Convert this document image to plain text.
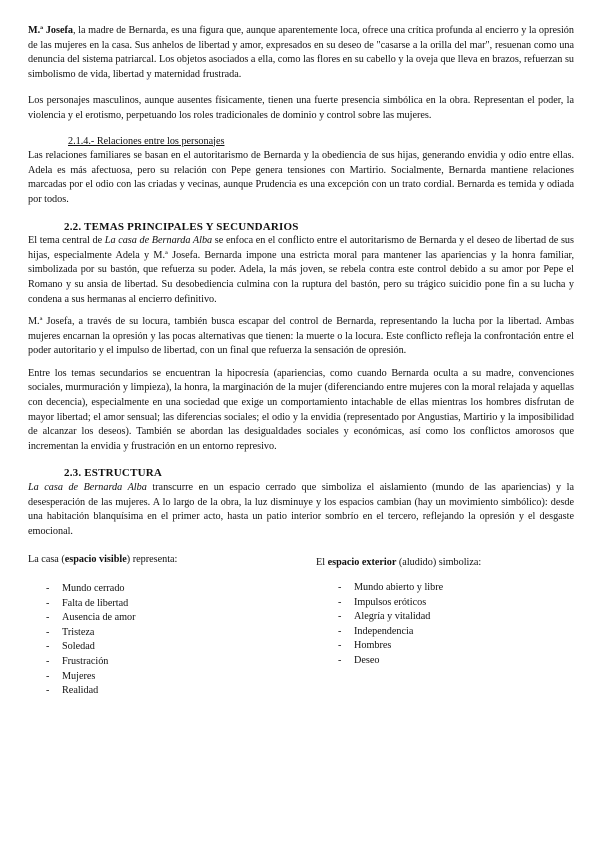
M.ª Josefa, la madre de Bernarda, es una figura que, aunque aparentemente loca, ofrece una crítica profunda al encierro y la opresión de las mujeres en la casa. Sus anhelos de libertad y amor, expresados en su deseo de "casarse a la orilla del mar", resuenan como una denuncia del sistema patriarcal. Los objetos asociados a ella, como las flores en su cabello y la oveja que lleva en brazos, refuerzan su simbolismo de vida, libertad y maternidad frustrada.

Los personajes masculinos, aunque ausentes físicamente, tienen una fuerte presencia simbólica en la obra. Representan el poder, la violencia y el erotismo, perpetuando los roles tradicionales de dominio y control sobre las mujeres.

2.1.4.- Relaciones entre los personajes

Las relaciones familiares se basan en el autoritarismo de Bernarda y la obediencia de sus hijas, generando envidia y odio entre ellas. Adela es más afectuosa, pero su relación con Pepe genera tensiones con Martirio. Socialmente, Bernarda mantiene relaciones marcadas por el odio con las criadas y vecinas, aunque Prudencia es una excepción con un trato cordial. Bernarda es temida y odiada por todos.

2.2. TEMAS PRINCIPALES Y SECUNDARIOS

El tema central de La casa de Bernarda Alba se enfoca en el conflicto entre el autoritarismo de Bernarda y el deseo de libertad de sus hijas, especialmente Adela y M.ª Josefa. Bernarda impone una estricta moral para mantener las apariencias y la honra familiar, simbolizada por su bastón, que refuerza su poder. Adela, la más joven, se rebela contra este control debido a su amor por Pepe el Romano y su ansia de libertad. Su desobediencia culmina con la ruptura del bastón, pero su trágico suicidio pone fin a su lucha y condena a sus hermanas al encierro definitivo.

M.ª Josefa, a través de su locura, también busca escapar del control de Bernarda, representando la lucha por la libertad. Ambas mujeres encarnan la opresión y las pocas alternativas que tienen: la muerte o la locura. Este conflicto refleja la confrontación entre el poder autoritario y el impulso de libertad, con un final que refuerza la sensación de opresión.

Entre los temas secundarios se encuentran la hipocresía (apariencias, como cuando Bernarda oculta a su madre, convenciones sociales, murmuración y limpieza), la honra, la marginación de la mujer (diferenciando entre mujeres con la moral relajada y aquellas con decencia), especialmente en una sociedad que exige un comportamiento intachable de ellas mientras los hombres disfrutan de mayor libertad; el amor sensual; las diferencias sociales; el odio y la envidia (representado por Angustias, Martirio y la imposibilidad de alcanzar los deseos). También se abordan las desigualdades sociales y económicas, así como los conflictos amorosos que incrementan la envidia y frustración en un entorno represivo.

2.3. ESTRUCTURA

La casa de Bernarda Alba transcurre en un espacio cerrado que simboliza el aislamiento (mundo de las apariencias) y la desesperación de las mujeres. A lo largo de la obra, la luz disminuye y los espacios cambian (hay un movimiento simbólico): desde una habitación blanquísima en el primer acto, hasta un patio interior sombrío en el tercero, reflejando la opresión y el desgaste emocional.

La casa (espacio visible) representa:

- Mundo cerrado
- Falta de libertad
- Ausencia de amor
- Tristeza
- Soledad
- Frustración
- Mujeres
- Realidad

El espacio exterior (aludido) simboliza:

- Mundo abierto y libre
- Impulsos eróticos
- Alegría y vitalidad
- Independencia
- Hombres
- Deseo
